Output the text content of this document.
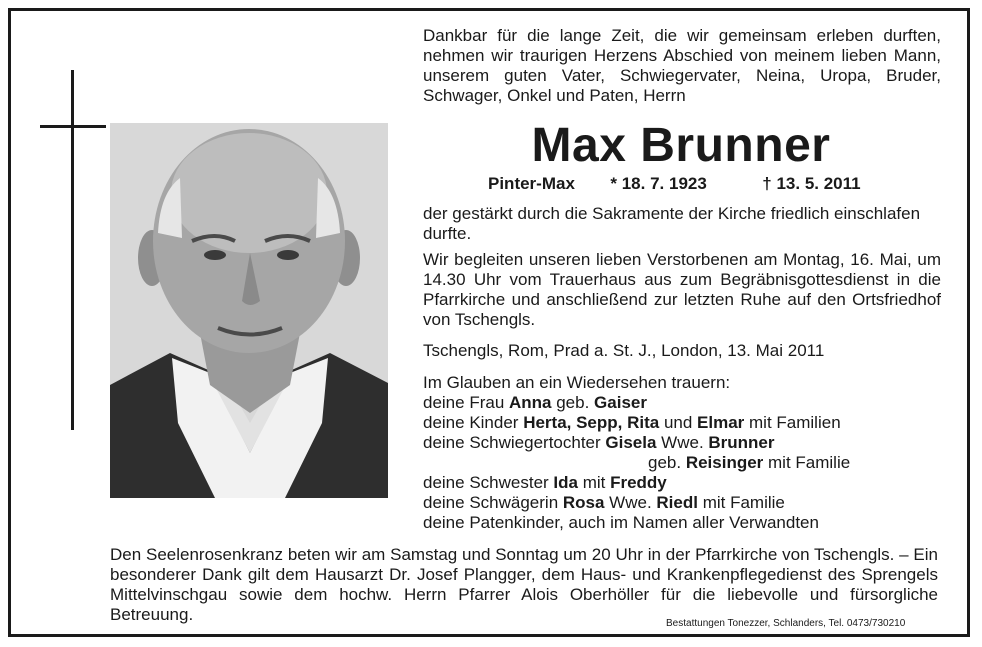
Dankbar für die lange Zeit, die wir gemeinsam erleben durften, nehmen wir traurigen Herzens Abschied von meinem lieben Mann, unserem guten Vater, Schwiegervater, Neina, Uropa, Bruder, Schwager, Onkel und Paten, Herrn
Max Brunner
Pinter-Max * 18. 7. 1923	† 13. 5. 2011
der gestärkt durch die Sakramente der Kirche friedlich einschlafen durfte.
Wir begleiten unseren lieben Verstorbenen am Montag, 16. Mai, um 14.30 Uhr vom Trauerhaus aus zum Begräbnisgottesdienst in die Pfarrkirche und anschließend zur letzten Ruhe auf den Ortsfriedhof von Tschengls.
Tschengls, Rom, Prad a. St. J., London, 13. Mai 2011
Im Glauben an ein Wiedersehen trauern:
deine Frau Anna geb. Gaiser
deine Kinder Herta, Sepp, Rita und Elmar mit Familien
deine Schwiegertochter Gisela Wwe. Brunner
geb. Reisinger mit Familie
deine Schwester Ida mit Freddy
deine Schwägerin Rosa Wwe. Riedl mit Familie
deine Patenkinder, auch im Namen aller Verwandten
Den Seelenrosenkranz beten wir am Samstag und Sonntag um 20 Uhr in der Pfarrkirche von Tschengls. – Ein besonderer Dank gilt dem Hausarzt Dr. Josef Plangger, dem Haus- und Krankenpflegedienst des Sprengels Mittelvinschgau sowie dem hochw. Herrn Pfarrer Alois Oberhöller für die liebevolle und fürsorgliche Betreuung.	Bestattungen Tonezzer, Schlanders, Tel. 0473/730210
